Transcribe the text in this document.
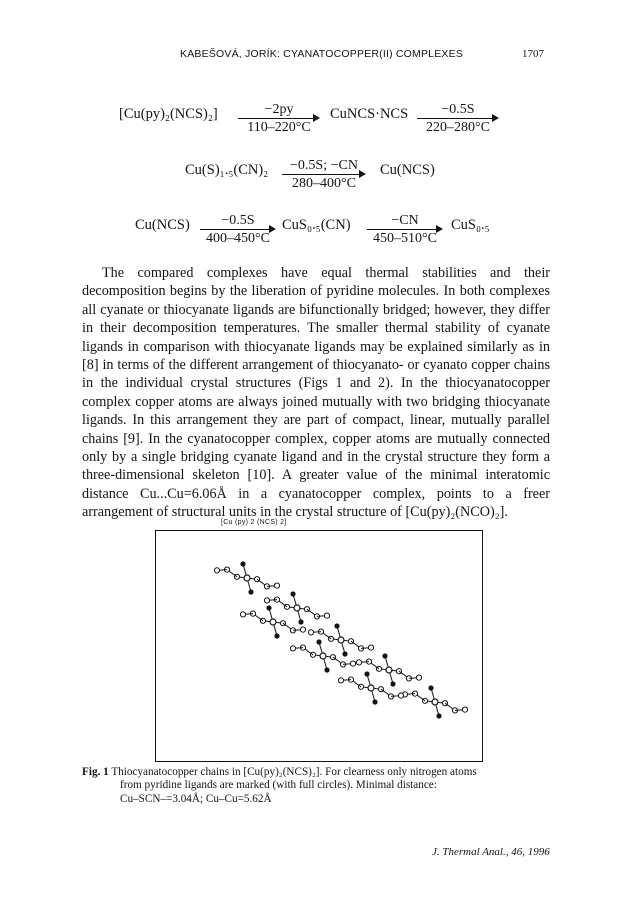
KABEŠOVÁ, JORÍK: CYANATOCOPPER(II) COMPLEXES	1707
[Cu(py)₂(NCS)₂]	−2py
110–220°C
CuNCS·NCS	−0.5S
220–280°C
Cu(S)₁.₅(CN)₂	−0.5S; −CN
280–400°C
Cu(NCS)
Cu(NCS)	−0.5S
400–450°C
CuS₀.₅(CN)	−CN
450–510°C
CuS₀.₅

The compared complexes have equal thermal stabilities and their decomposition begins by the liberation of pyridine molecules. In both complexes all cyanate or thiocyanate ligands are bifunctionally bridged; however, they differ in their decomposition temperatures. The smaller thermal stability of cyanate ligands in comparison with thiocyanate ligands may be explained similarly as in [8] in terms of the different arrangement of thiocyanato- or cyanato copper chains in the individual crystal structures (Figs 1 and 2). In the thiocyanatocopper complex copper atoms are always joined mutually with two bridging thiocyanate ligands. In this arrangement they are part of compact, linear, mutually parallel chains [9]. In the cyanatocopper complex, copper atoms are mutually connected only by a single bridging cyanate ligand and in the crystal structure they form a three-dimensional skeleton [10]. A greater value of the minimal interatomic distance Cu...Cu=6.06Å in a cyanatocopper complex, points to a freer arrangement of structural units in the crystal structure of [Cu(py)₂(NCO)₂].

[Cu (py) 2 (NCS) 2]
Fig. 1 Thiocyanatocopper chains in [Cu(py)₂(NCS)₂]. For clearness only nitrogen atoms
from pyridine ligands are marked (with full circles). Minimal distance:
Cu–SCN–=3.04Å; Cu–Cu=5.62Å
J. Thermal Anal., 46, 1996
